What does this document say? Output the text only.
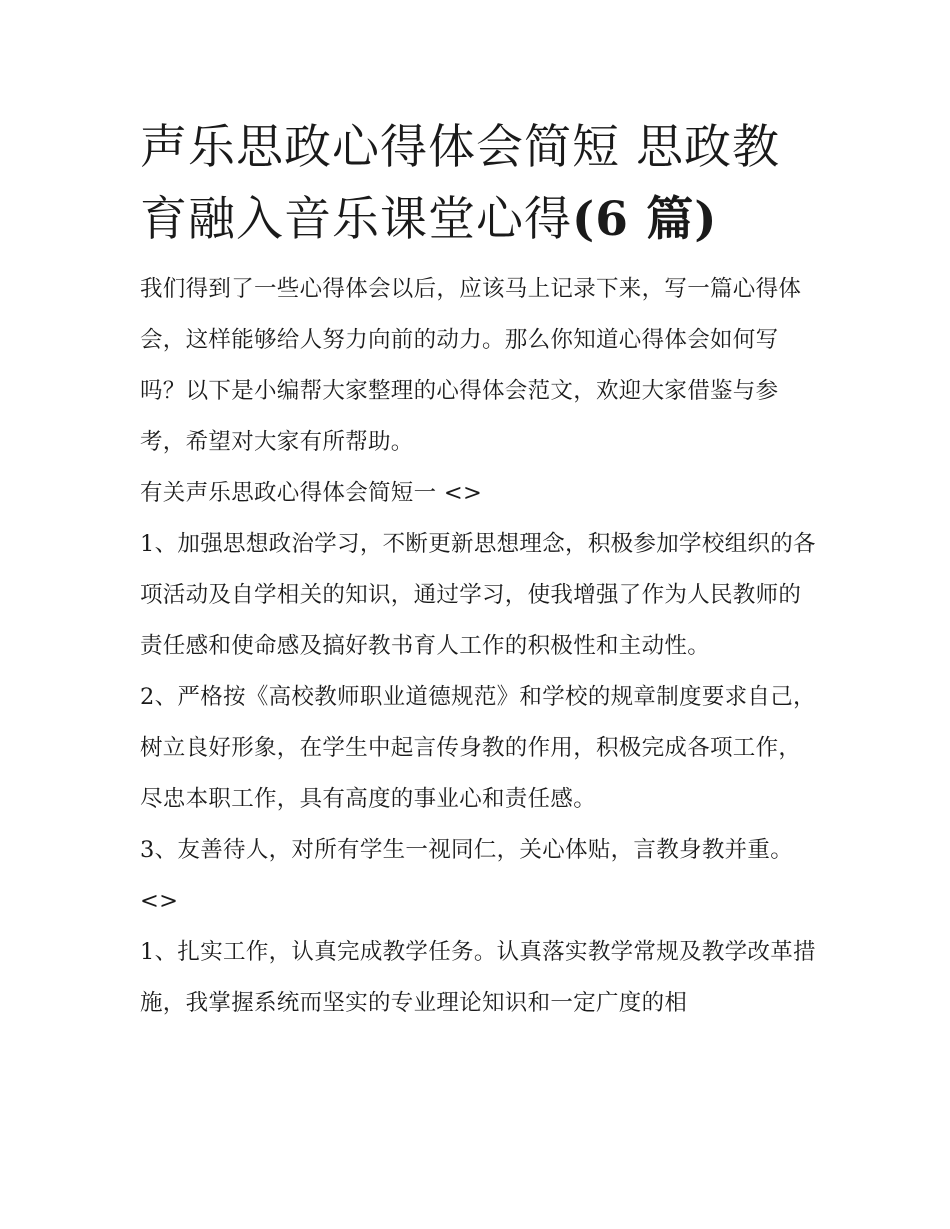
声乐思政心得体会简短 思政教育融入音乐课堂心得(6 篇)

我们得到了一些心得体会以后，应该马上记录下来，写一篇心得体会，这样能够给人努力向前的动力。那么你知道心得体会如何写吗？以下是小编帮大家整理的心得体会范文，欢迎大家借鉴与参考，希望对大家有所帮助。

有关声乐思政心得体会简短一 <>

1、加强思想政治学习，不断更新思想理念，积极参加学校组织的各项活动及自学相关的知识，通过学习，使我增强了作为人民教师的责任感和使命感及搞好教书育人工作的积极性和主动性。

2、严格按《高校教师职业道德规范》和学校的规章制度要求自己，树立良好形象，在学生中起言传身教的作用，积极完成各项工作，尽忠本职工作，具有高度的事业心和责任感。

3、友善待人，对所有学生一视同仁，关心体贴，言教身教并重。 <>

1、扎实工作，认真完成教学任务。认真落实教学常规及教学改革措施，我掌握系统而坚实的专业理论知识和一定广度的相
